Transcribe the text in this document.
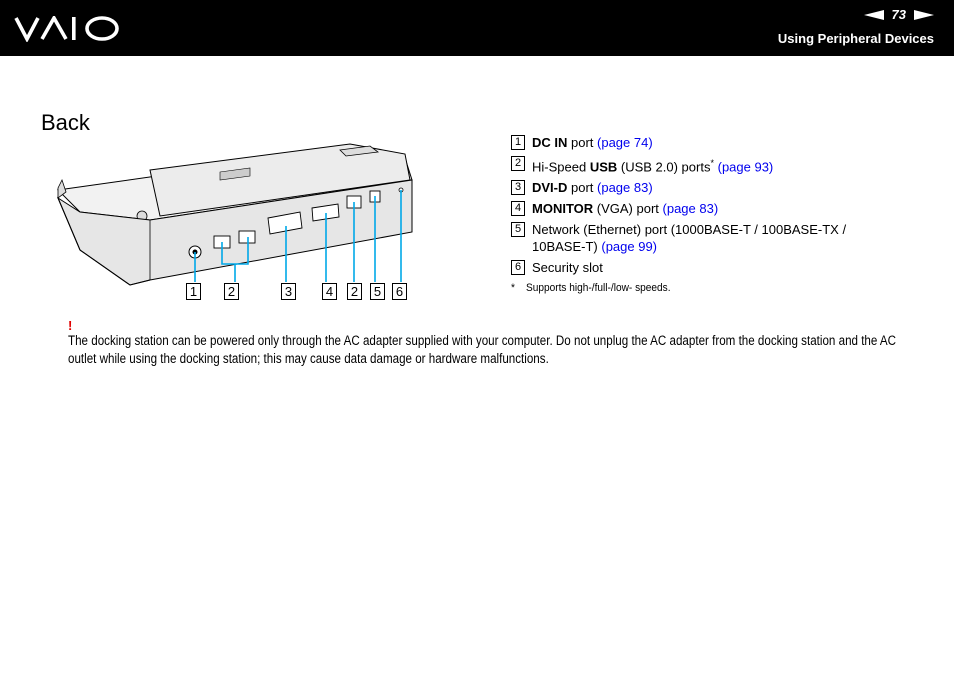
73
Using Peripheral Devices
Back
1 2	3	4 2 5 6
1 DC IN port (page 74)
2 Hi-Speed USB (USB 2.0) ports* (page 93)
3 DVI-D port (page 83)
4 MONITOR (VGA) port (page 83)
5 Network (Ethernet) port (1000BASE-T / 100BASE-TX / 10BASE-T) (page 99)
6 Security slot
* Supports high-/full-/low- speeds.
!
The docking station can be powered only through the AC adapter supplied with your computer. Do not unplug the AC adapter from the docking station and the AC outlet while using the docking station; this may cause data damage or hardware malfunctions.
